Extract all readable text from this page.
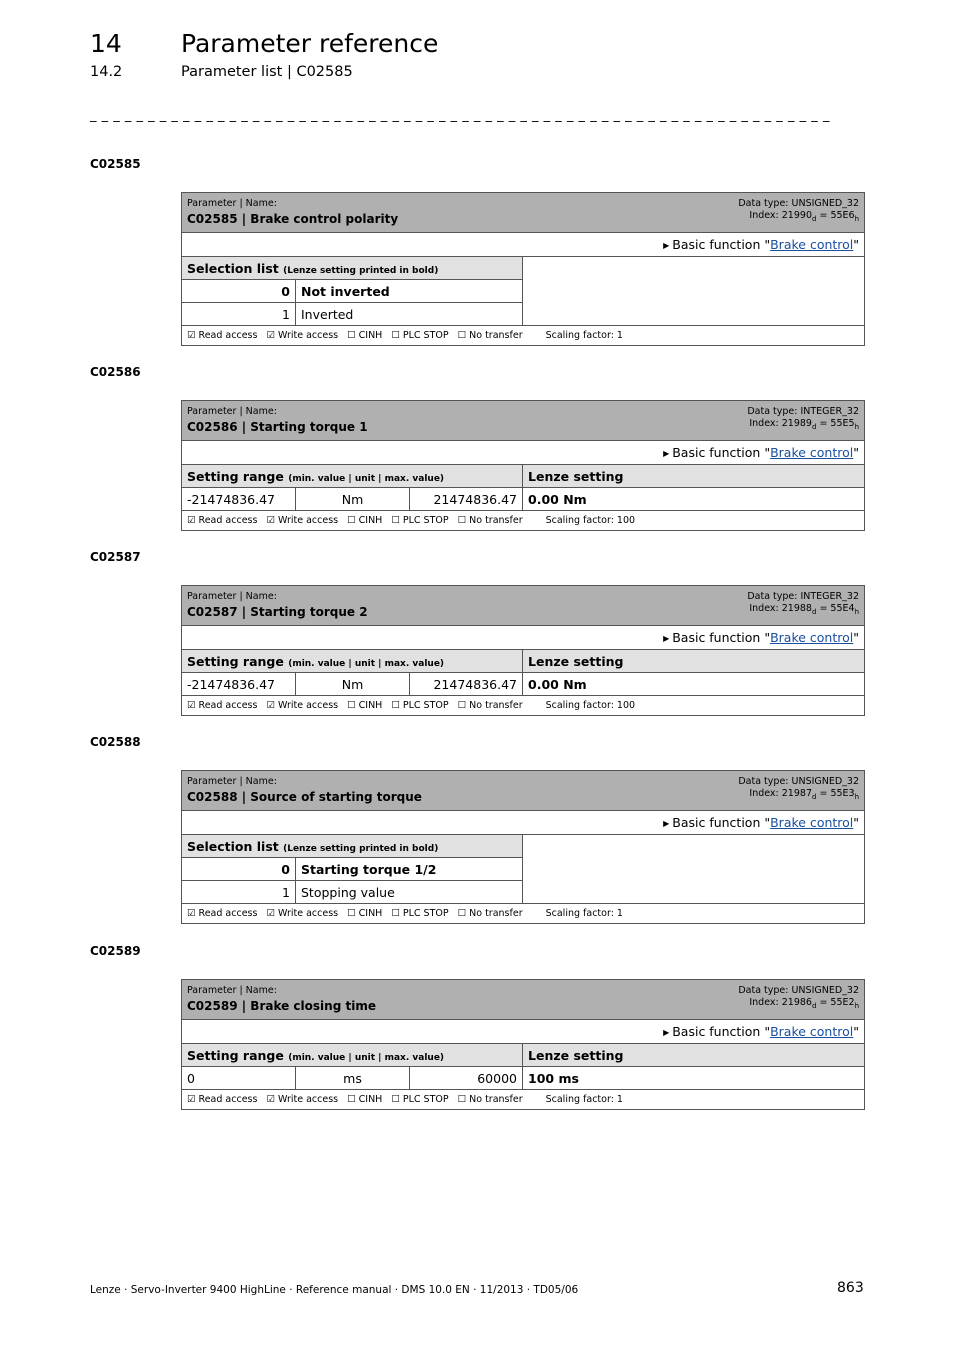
14 Parameter reference
14.2	Parameter list | C02585
_ _ _ _ _ _ _ _ _ _ _ _ _ _ _ _ _ _ _ _ _ _ _ _ _ _ _ _ _ _ _ _ _ _ _ _ _ _ _ _ _ _ _ _ _ _ _ _ _ _ _ _ _ _ _ _ _ _ _ _ _ _ _ _
C02585
Parameter | Name:
C02585 | Brake control polarity
Data type: UNSIGNED_32
Index: $21990_d = 55E6_h$

▶ Basic function "Brake control"		
Selection list (Lenze setting printed in bold)		
0	Not inverted	
1	Inverted	
☑ Read access ☑ Write access ☐ CINH ☐ PLC STOP ☐ No transfer Scaling factor: 1		
C02586
Parameter | Name:
C02586 | Starting torque 1
Data type: INTEGER_32
Index: $21989_d = 55E5_h$

▶ Basic function "Brake control"			
Setting range (min. value | unit | max. value)			Lenze setting
-21474836.47	Nm	21474836.47	0.00 Nm
☑ Read access ☑ Write access ☐ CINH ☐ PLC STOP ☐ No transfer Scaling factor: 100			
C02587
Parameter | Name:
C02587 | Starting torque 2
Data type: INTEGER_32
Index: $21988_d = 55E4_h$

▶ Basic function "Brake control"			
Setting range (min. value | unit | max. value)			Lenze setting
-21474836.47	Nm	21474836.47	0.00 Nm
☑ Read access ☑ Write access ☐ CINH ☐ PLC STOP ☐ No transfer Scaling factor: 100			
C02588
Parameter | Name:
C02588 | Source of starting torque
Data type: UNSIGNED_32
Index: $21987_d = 55E3_h$

▶ Basic function "Brake control"		
Selection list (Lenze setting printed in bold)		
0	Starting torque 1/2	
1	Stopping value	
☑ Read access ☑ Write access ☐ CINH ☐ PLC STOP ☐ No transfer Scaling factor: 1		
C02589
Parameter | Name:
C02589 | Brake closing time
Data type: UNSIGNED_32
Index: $21986_d = 55E2_h$

▶ Basic function "Brake control"			
Setting range (min. value | unit | max. value)			Lenze setting
0	ms	60000	100 ms
☑ Read access ☑ Write access ☐ CINH ☐ PLC STOP ☐ No transfer Scaling factor: 1			
Lenze · Servo-Inverter 9400 HighLine · Reference manual · DMS 10.0 EN · 11/2013 · TD05/06	863
